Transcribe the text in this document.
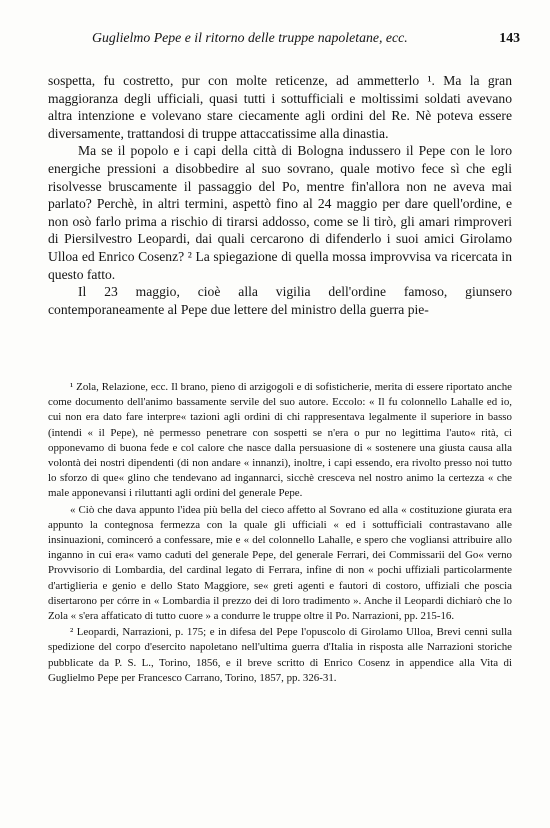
Guglielmo Pepe e il ritorno delle truppe napoletane, ecc.	143

sospetta, fu costretto, pur con molte reticenze, ad ammetterlo ¹. Ma la gran maggioranza degli ufficiali, quasi tutti i sottufficiali e moltissimi soldati avevano altra intenzione e volevano stare ciecamente agli ordini del Re. Nè poteva essere diversamente, trattandosi di truppe attaccatissime alla dinastia.

Ma se il popolo e i capi della città di Bologna indussero il Pepe con le loro energiche pressioni a disobbedire al suo sovrano, quale motivo fece sì che egli risolvesse bruscamente il passaggio del Po, mentre fin'allora non ne aveva mai parlato? Perchè, in altri termini, aspettò fino al 24 maggio per dare quell'ordine, e non osò farlo prima a rischio di tirarsi addosso, come se li tirò, gli amari rimproveri di Piersilvestro Leopardi, dai quali cercarono di difenderlo i suoi amici Girolamo Ulloa ed Enrico Cosenz? ² La spiegazione di quella mossa improvvisa va ricercata in questo fatto.

Il 23 maggio, cioè alla vigilia dell'ordine famoso, giunsero contemporaneamente al Pepe due lettere del ministro della guerra pie-

¹ Zola, Relazione, ecc. Il brano, pieno di arzigogoli e di sofisticherie, merita di essere riportato anche come documento dell'animo bassamente servile del suo autore. Eccolo: « Il fu colonnello Lahalle ed io, cui non era dato fare interpre« tazioni agli ordini di chi rappresentava legalmente il superiore in basso (intendi « il Pepe), nè permesso penetrare con sospetti se n'era o pur no legittima l'auto« rità, ci opponevamo di buona fede e col calore che nasce dalla persuasione di « sostenere una giusta causa alla volontà dei nostri dipendenti (di non andare « innanzi), inoltre, i capi essendo, era rivolto presso noi tutto lo sforzo di que« glino che tendevano ad ingannarci, sicchè cresceva nel nostro animo la certezza « che male apponevansi i riluttanti agli ordini del generale Pepe.

« Ciò che dava appunto l'idea più bella del cieco affetto al Sovrano ed alla « costituzione giurata era appunto la contegnosa fermezza con la quale gli ufficiali « ed i sottufficiali contrastavano alle insinuazioni, cominceró a confessare, mie e « del colonnello Lahalle, e spero che vogliansi attribuire allo inganno in cui era« vamo caduti del generale Pepe, del generale Ferrari, dei Commissarii del Go« verno Provvisorio di Lombardia, del cardinal legato di Ferrara, infine di non « pochi uffiziali particolarmente d'artiglieria e genio e dello Stato Maggiore, se« greti agenti e fautori di costoro, uffiziali che poscia disertarono per córre in « Lombardia il prezzo dei di loro tradimento ». Anche il Leopardi dichiarò che lo Zola « s'era affaticato di tutto cuore » a condurre le truppe oltre il Po. Narrazioni, pp. 215-16.

² Leopardi, Narrazioni, p. 175; e in difesa del Pepe l'opuscolo di Girolamo Ulloa, Brevi cenni sulla spedizione del corpo d'esercito napoletano nell'ultima guerra d'Italia in risposta alle Narrazioni storiche pubblicate da P. S. L., Torino, 1856, e il breve scritto di Enrico Cosenz in appendice alla Vita di Guglielmo Pepe per Francesco Carrano, Torino, 1857, pp. 326-31.
